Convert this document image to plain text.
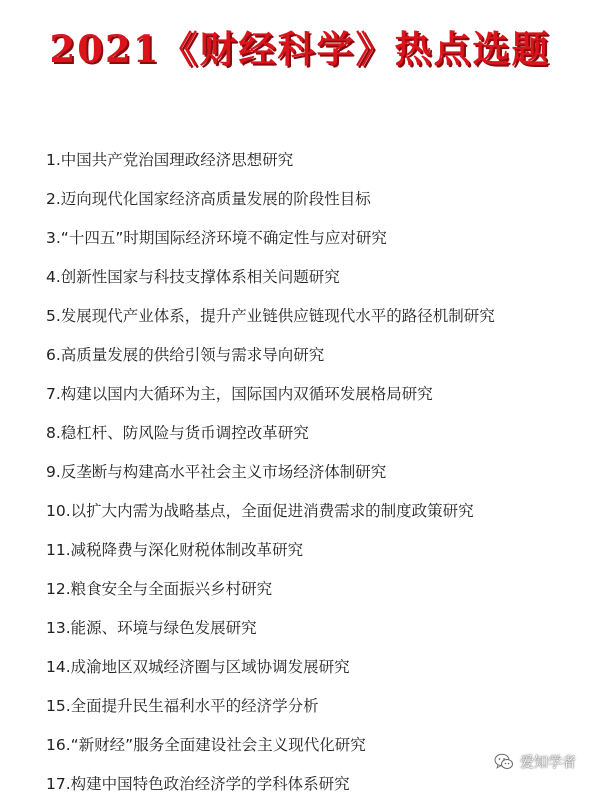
2021《财经科学》热点选题
1.中国共产党治国理政经济思想研究
2.迈向现代化国家经济高质量发展的阶段性目标
3.“十四五”时期国际经济环境不确定性与应对研究
4.创新性国家与科技支撑体系相关问题研究
5.发展现代产业体系，提升产业链供应链现代水平的路径机制研究
6.高质量发展的供给引领与需求导向研究
7.构建以国内大循环为主，国际国内双循环发展格局研究
8.稳杠杆、防风险与货币调控改革研究
9.反垄断与构建高水平社会主义市场经济体制研究
10.以扩大内需为战略基点，全面促进消费需求的制度政策研究
11.减税降费与深化财税体制改革研究
12.粮食安全与全面振兴乡村研究
13.能源、环境与绿色发展研究
14.成渝地区双城经济圈与区域协调发展研究
15.全面提升民生福利水平的经济学分析
16.“新财经”服务全面建设社会主义现代化研究
17.构建中国特色政治经济学的学科体系研究
爱知学者
